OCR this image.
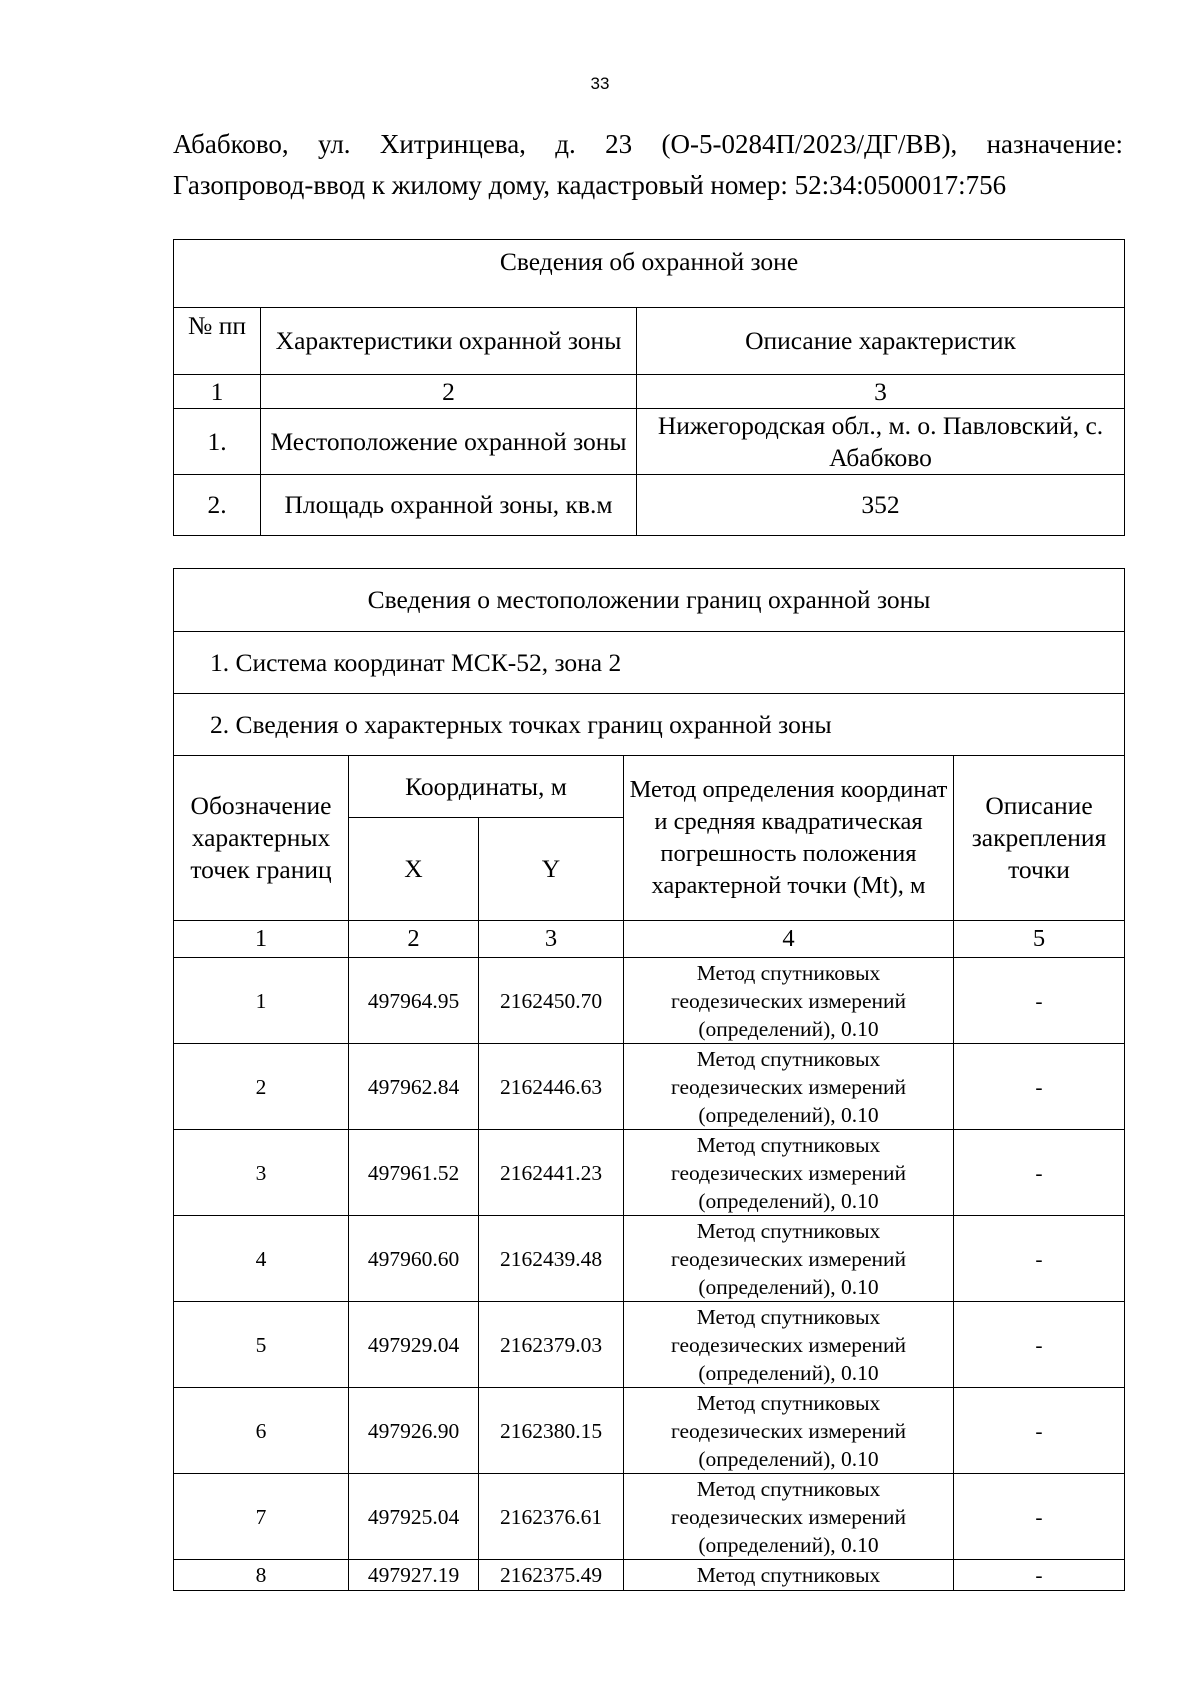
33

Абабково, ул. Хитринцева, д. 23 (О-5-0284П/2023/ДГ/ВВ), назначение:

Газопровод-ввод к жилому дому, кадастровый номер: 52:34:0500017:756

Сведения об охранной зоне		
№ пп	Характеристики охранной зоны	Описание характеристик
1	2	3
1.	Местоположение охранной зоны	Нижегородская обл., м. о. Павловский, с. Абабково
2.	Площадь охранной зоны, кв.м	352
Сведения о местоположении границ охранной зоны				
1. Система координат МСК-52, зона 2				
2. Сведения о характерных точках границ охранной зоны				
Обозначение характерных точек границ	Координаты, м		Метод определения координат и средняя квадратическая погрешность положения характерной точки (Mt), м	Описание закрепления точки
	X	Y		
1	2	3	4	5
1	497964.95	2162450.70	Метод спутниковых геодезических измерений (определений), 0.10	-
2	497962.84	2162446.63	Метод спутниковых геодезических измерений (определений), 0.10	-
3	497961.52	2162441.23	Метод спутниковых геодезических измерений (определений), 0.10	-
4	497960.60	2162439.48	Метод спутниковых геодезических измерений (определений), 0.10	-
5	497929.04	2162379.03	Метод спутниковых геодезических измерений (определений), 0.10	-
6	497926.90	2162380.15	Метод спутниковых геодезических измерений (определений), 0.10	-
7	497925.04	2162376.61	Метод спутниковых геодезических измерений (определений), 0.10	-
8	497927.19	2162375.49	Метод спутниковых	-
